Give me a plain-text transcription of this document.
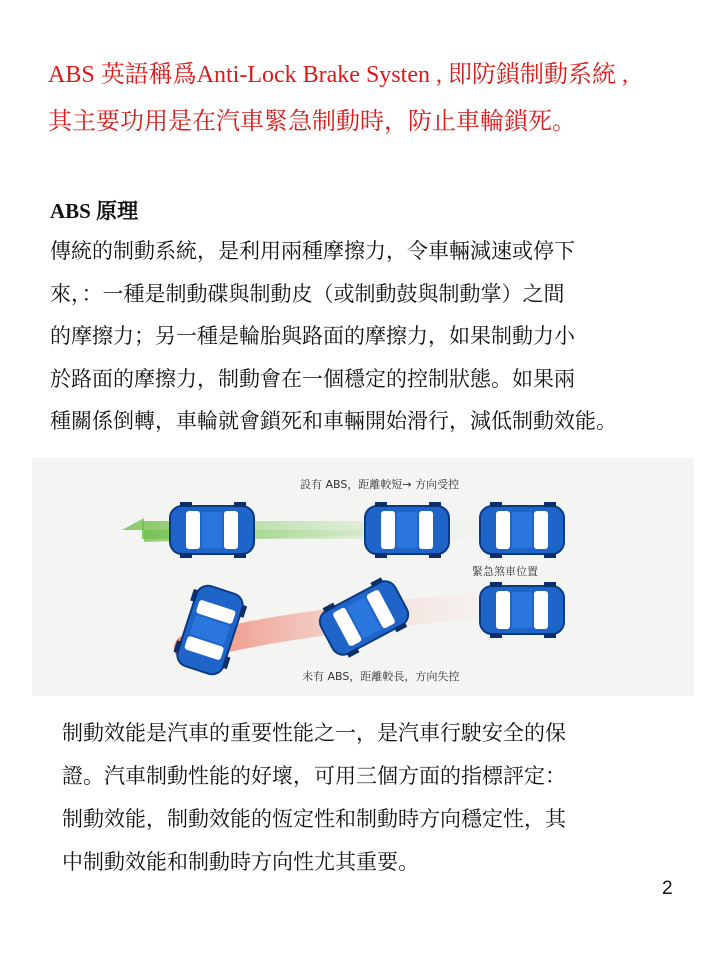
ABS 英語稱爲Anti-Lock Brake Systen , 即防鎖制動系統 ,
其主要功用是在汽車緊急制動時，防止車輪鎖死。
ABS 原理
傳統的制動系統，是利用兩種摩擦力，令車輛減速或停下
來，：一種是制動碟與制動皮（或制動鼓與制動掌）之間
的摩擦力；另一種是輪胎與路面的摩擦力，如果制動力小
於路面的摩擦力，制動會在一個穩定的控制狀態。如果兩
種關係倒轉，車輪就會鎖死和車輛開始滑行，減低制動效能。
設有 ABS，距離較短→ 方向受控
緊急煞車位置
未有 ABS，距離較長，方向失控
制動效能是汽車的重要性能之一，是汽車行駛安全的保
證。汽車制動性能的好壞，可用三個方面的指標評定：
制動效能，制動效能的恆定性和制動時方向穩定性，其
中制動效能和制動時方向性尤其重要。
2
